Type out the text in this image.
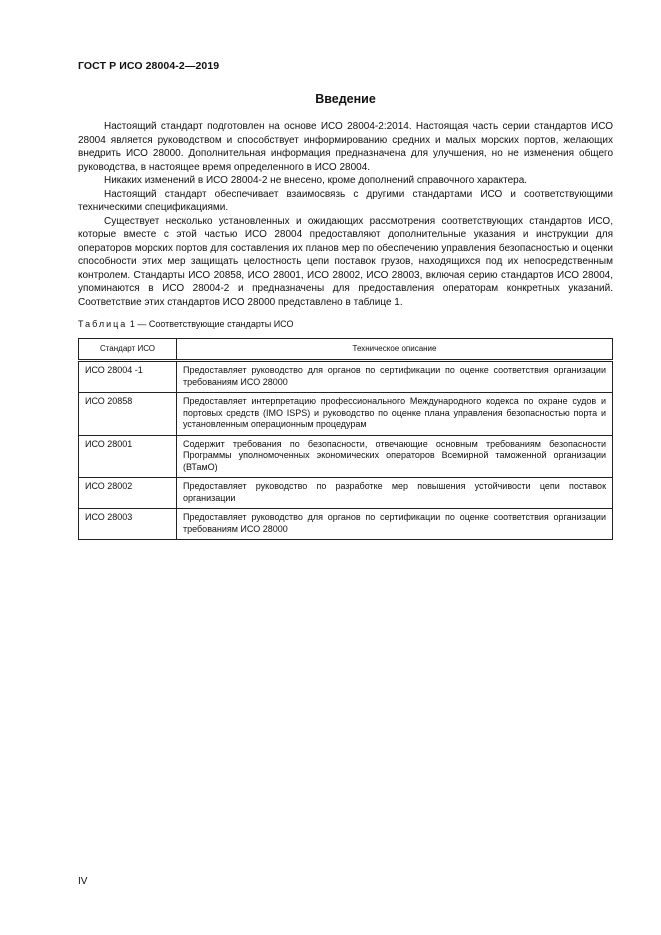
ГОСТ Р ИСО 28004-2—2019
Введение

Настоящий стандарт подготовлен на основе ИСО 28004-2:2014. Настоящая часть серии стандартов ИСО 28004 является руководством и способствует информированию средних и малых морских портов, желающих внедрить ИСО 28000. Дополнительная информация предназначена для улучшения, но не изменения общего руководства, в настоящее время определенного в ИСО 28004.

Никаких изменений в ИСО 28004-2 не внесено, кроме дополнений справочного характера.

Настоящий стандарт обеспечивает взаимосвязь с другими стандартами ИСО и соответствующими техническими спецификациями.

Существует несколько установленных и ожидающих рассмотрения соответствующих стандартов ИСО, которые вместе с этой частью ИСО 28004 предоставляют дополнительные указания и инструкции для операторов морских портов для составления их планов мер по обеспечению управления безопасностью и оценки способности этих мер защищать целостность цепи поставок грузов, находящихся под их непосредственным контролем. Стандарты ИСО 20858, ИСО 28001, ИСО 28002, ИСО 28003, включая серию стандартов ИСО 28004, упоминаются в ИСО 28004-2 и предназначены для предоставления операторам конкретных указаний. Соответствие этих стандартов ИСО 28000 представлено в таблице 1.

Таблица 1 — Соответствующие стандарты ИСО
Стандарт ИСО	Техническое описание
ИСО 28004 -1	Предоставляет руководство для органов по сертификации по оценке соответствия организации требованиям ИСО 28000
ИСО 20858	Предоставляет интерпретацию профессионального Международного кодекса по охране судов и портовых средств (IMO ISPS) и руководство по оценке плана управления безопасностью порта и установленным операционным процедурам
ИСО 28001	Содержит требования по безопасности, отвечающие основным требованиям безопасности Программы уполномоченных экономических операторов Всемирной таможенной организации (ВТамО)
ИСО 28002	Предоставляет руководство по разработке мер повышения устойчивости цепи поставок организации
ИСО 28003	Предоставляет руководство для органов по сертификации по оценке соответствия организации требованиям ИСО 28000
IV
